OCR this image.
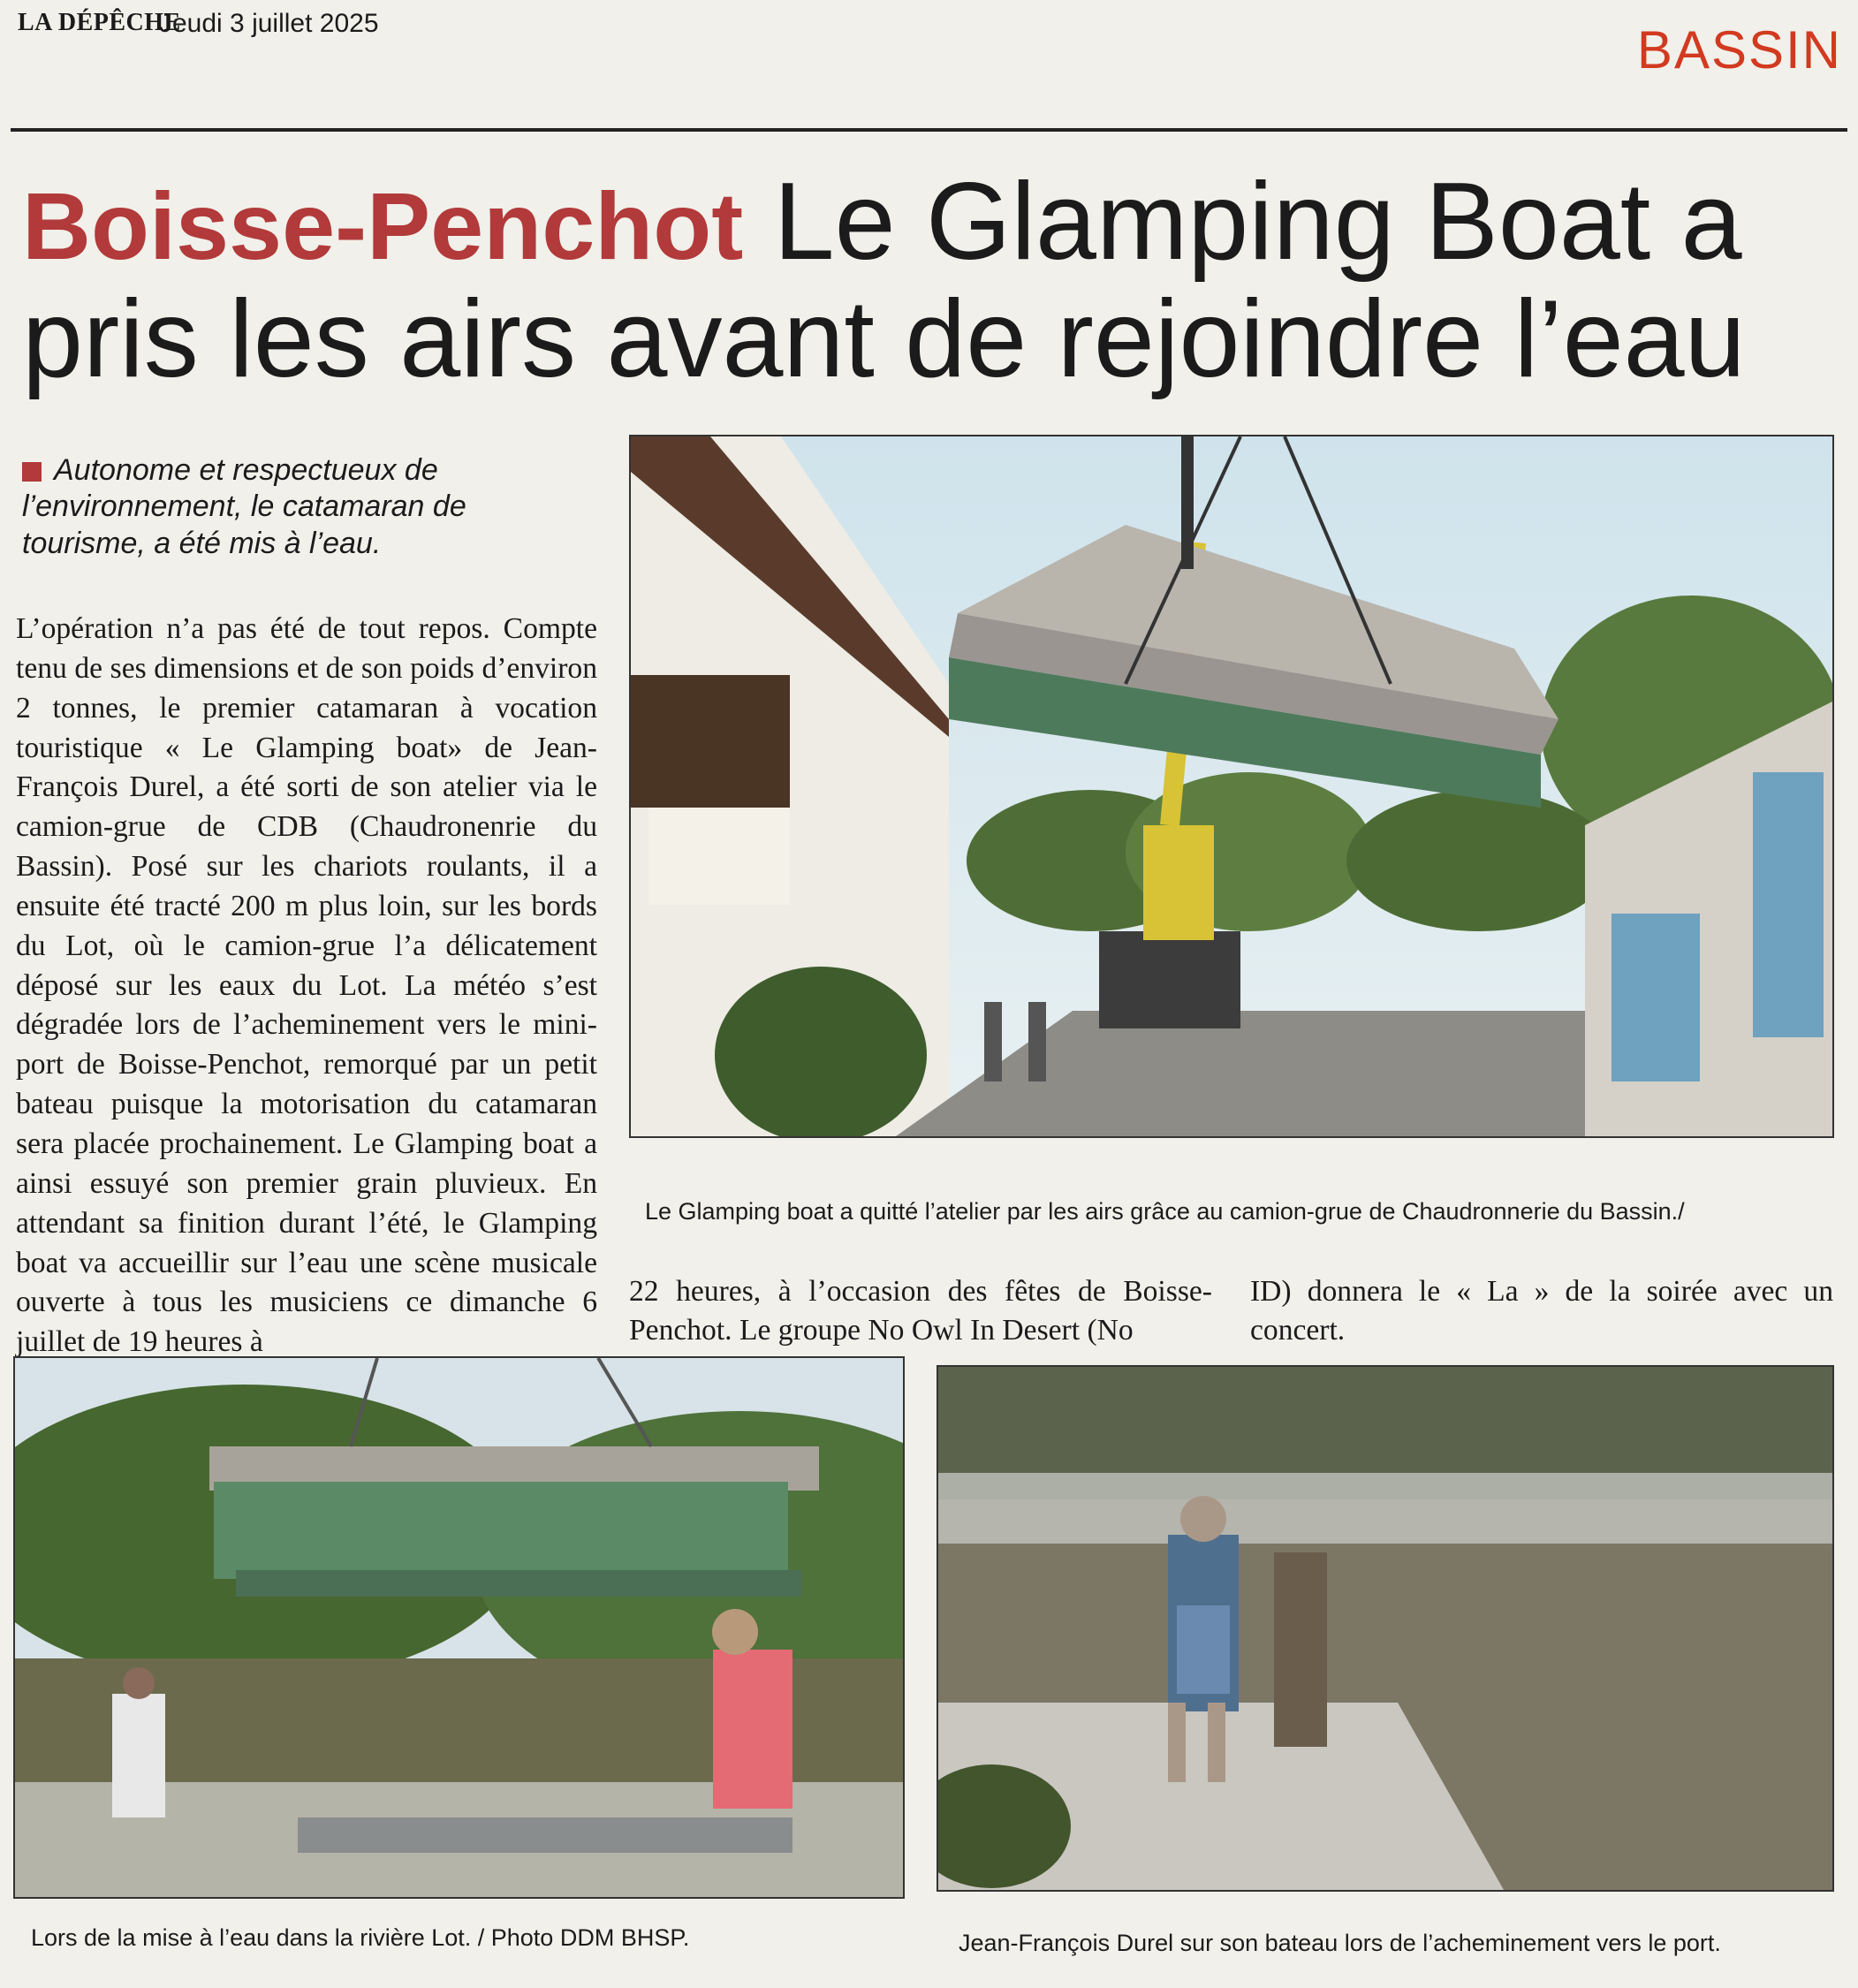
LA DÉPÊCHE
Jeudi 3 juillet 2025	BASSIN
Boisse-Penchot Le Glamping Boat a
pris les airs avant de rejoindre l’eau
Autonome et respectueux de l’environnement, le catamaran de tourisme, a été mis à l’eau.
L’opération n’a pas été de tout repos. Compte tenu de ses dimensions et de son poids d’environ 2 tonnes, le premier catamaran à vocation touristique « Le Glamping boat» de Jean-François Durel, a été sorti de son atelier via le camion-grue de CDB (Chaudronenrie du Bassin). Posé sur les chariots roulants, il a ensuite été tracté 200 m plus loin, sur les bords du Lot, où le camion-grue l’a délicatement déposé sur les eaux du Lot. La météo s’est dégradée lors de l’acheminement vers le mini-port de Boisse-Penchot, remorqué par un petit bateau puisque la motorisation du catamaran sera placée prochainement. Le Glamping boat a ainsi essuyé son premier grain pluvieux. En attendant sa finition durant l’été, le Glamping boat va accueillir sur l’eau une scène musicale ouverte à tous les musiciens ce dimanche 6 juillet de 19 heures à
Le Glamping boat a quitté l’atelier par les airs grâce au camion-grue de Chaudronnerie du Bassin./
22 heures, à l’occasion des fêtes de Boisse-Penchot. Le groupe No Owl In Desert (No
ID) donnera le « La » de la soirée avec un concert.
Lors de la mise à l’eau dans la rivière Lot. / Photo DDM BHSP.	Jean-François Durel sur son bateau lors de l’acheminement vers le port.
